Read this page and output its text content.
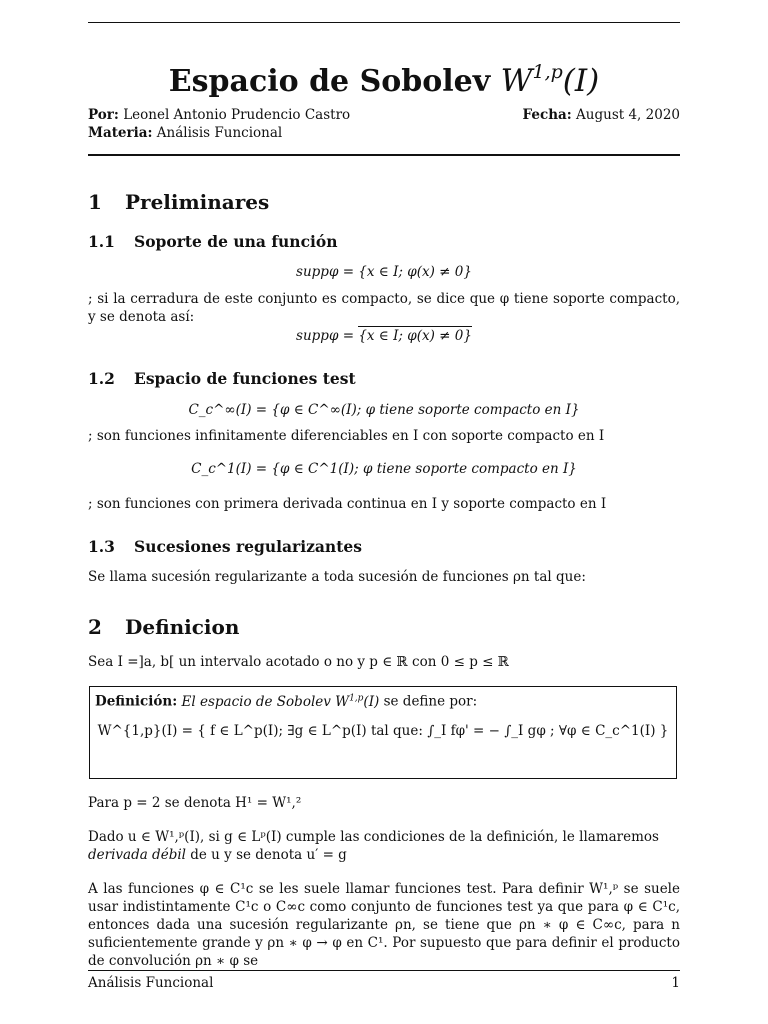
Espacio de Sobolev W$^{1,p}$(I)
Por: Leonel Antonio Prudencio Castro	Fecha: August 4, 2020
Materia: Análisis Funcional
1 Preliminares
1.1 Soporte de una función
suppφ = {x ∈ I; φ(x) ≠ 0}
; si la cerradura de este conjunto es compacto, se dice que φ tiene soporte compacto, y se denota así:
suppφ = {x ∈ I; φ(x) ≠ 0}
1.2 Espacio de funciones test
C_c^∞(I) = {φ ∈ C^∞(I); φ tiene soporte compacto en I}
; son funciones infinitamente diferenciables en I con soporte compacto en I
C_c^1(I) = {φ ∈ C^1(I); φ tiene soporte compacto en I}
; son funciones con primera derivada continua en I y soporte compacto en I
1.3 Sucesiones regularizantes
Se llama sucesión regularizante a toda sucesión de funciones ρn tal que:
2 Definicion
Sea I =]a, b[ un intervalo acotado o no y p ∈ ℝ con 0 ≤ p ≤ ℝ
Definición: El espacio de Sobolev W$^{1,p}$(I) se define por:
W^{1,p}(I) = { f ∈ L^p(I); ∃g ∈ L^p(I) tal que: ∫_I fφ' = − ∫_I gφ ; ∀φ ∈ C_c^1(I) }
Para p = 2 se denota H¹ = W¹,²
Dado u ∈ W¹,ᵖ(I), si g ∈ Lᵖ(I) cumple las condiciones de la definición, le llamaremos
derivada débil de u y se denota u′ = g
A las funciones φ ∈ C¹c se les suele llamar funciones test. Para definir W¹,ᵖ se suele usar indistintamente C¹c o C∞c como conjunto de funciones test ya que para φ ∈ C¹c, entonces dada una sucesión regularizante ρn, se tiene que ρn ∗ φ ∈ C∞c, para n suficientemente grande y ρn ∗ φ → φ en C¹. Por supuesto que para definir el producto de convolución ρn ∗ φ se
Análisis Funcional	1
